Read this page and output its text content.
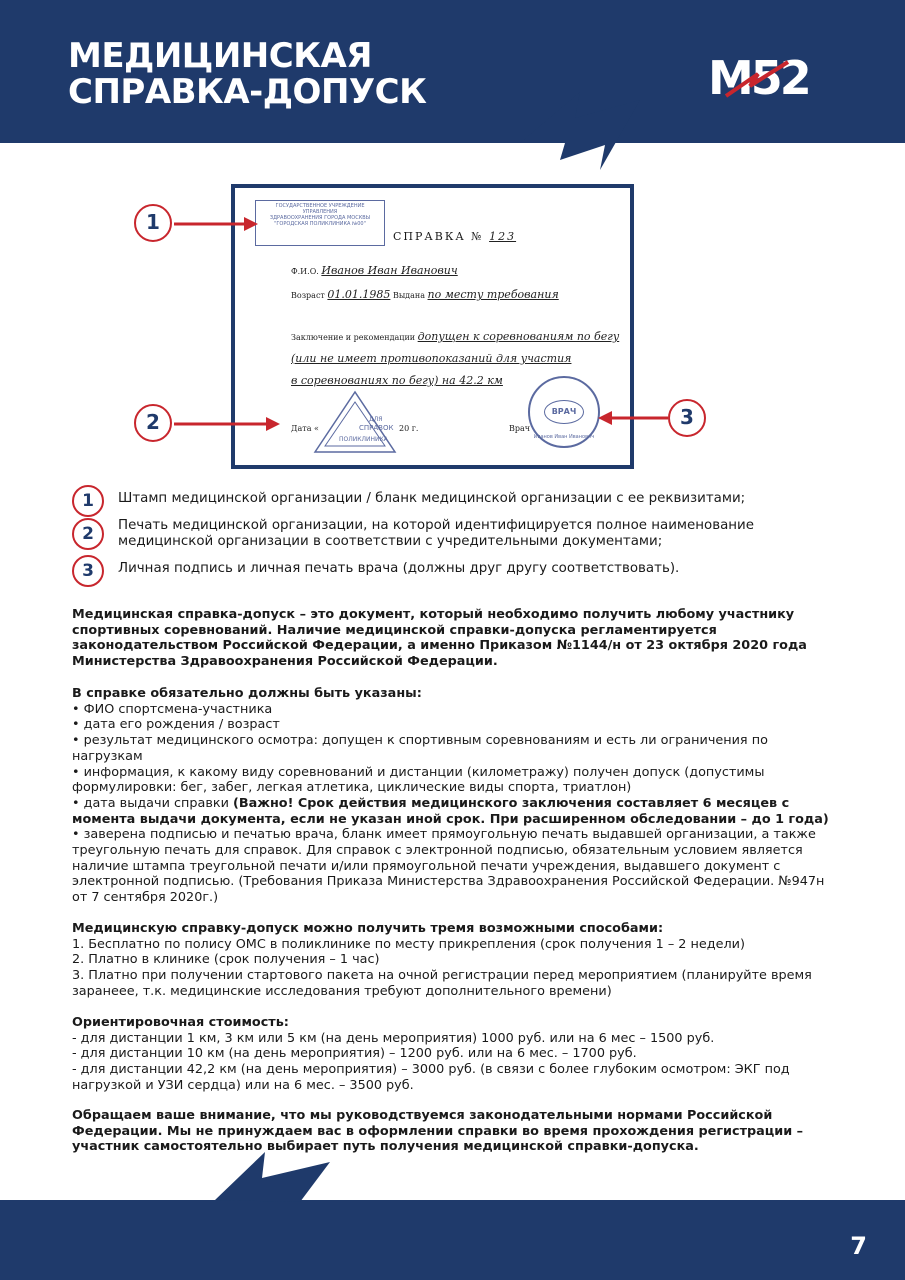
МЕДИЦИНСКАЯ
СПРАВКА-ДОПУСК	М52
ГОСУДАРСТВЕННОЕ УЧРЕЖДЕНИЕ УПРАВЛЕНИЯ
ЗДРАВООХРАНЕНИЯ ГОРОДА МОСКВЫ
"ГОРОДСКАЯ ПОЛИКЛИНИКА №00"
СПРАВКА № 123
Ф.И.О. Иванов Иван Иванович
Возраст 01.01.1985 Выдана по месту требования
Заключение и рекомендации допущен к соревнованиям по бегу
(или не имеет противопоказаний для участия
в соревнованиях по бегу) на 42.2 км
ДЛЯ
СПРАВОК
ПОЛИКЛИНИКА
Дата «	20 г.	Врач
ВРАЧ
Иванов Иван Иванович
1
2	3
1	Штамп медицинской организации / бланк медицинской организации с ее реквизитами;
2	Печать медицинской организации, на которой идентифицируется полное наименование медицинской организации в соответствии с учредительными документами;
3	Личная подпись и личная печать врача (должны друг другу соответствовать).
Медицинская справка-допуск – это документ, который необходимо получить любому участнику спортивных соревнований. Наличие медицинской справки-допуска регламентируется законодательством Российской Федерации, а именно Приказом №1144/н от 23 октября 2020 года Министерства Здравоохранения Российской Федерации.

В справке обязательно должны быть указаны:

• ФИО спортсмена-участника

• дата его рождения / возраст

• результат медицинского осмотра: допущен к спортивным соревнованиям и есть ли ограничения по нагрузкам

• информация, к какому виду соревнований и дистанции (километражу) получен допуск (допустимы формулировки: бег, забег, легкая атлетика, циклические виды спорта, триатлон)

• дата выдачи справки (Важно! Срок действия медицинского заключения составляет 6 месяцев с момента выдачи документа, если не указан иной срок. При расширенном обследовании – до 1 года)

• заверена подписью и печатью врача, бланк имеет прямоугольную печать выдавшей организации, а также треугольную печать для справок. Для справок с электронной подписью, обязательным условием является наличие штампа треугольной печати и/или прямоугольной печати учреждения, выдавшего документ с электронной подписью. (Требования Приказа Министерства Здравоохранения Российской Федерации. №947н от 7 сентября 2020г.)

Медицинскую справку-допуск можно получить тремя возможными способами:

1. Бесплатно по полису ОМС в поликлинике по месту прикрепления (срок получения 1 – 2 недели)

2. Платно в клинике (срок получения – 1 час)

3. Платно при получении стартового пакета на очной регистрации перед мероприятием (планируйте время заранееe, т.к. медицинские исследования требуют дополнительного времени)

Ориентировочная стоимость:

- для дистанции 1 км, 3 км или 5 км (на день мероприятия) 1000 руб. или на 6 мес – 1500 руб.

- для дистанции 10 км (на день мероприятия) – 1200 руб. или на 6 мес. – 1700 руб.

- для дистанции 42,2 км (на день мероприятия) – 3000 руб. (в связи с более глубоким осмотром: ЭКГ под нагрузкой и УЗИ сердца) или на 6 мес. – 3500 руб.

Обращаем ваше внимание, что мы руководствуемся законодательными нормами Российской Федерации. Мы не принуждаем вас в оформлении справки во время прохождения регистрации – участник самостоятельно выбирает путь получения медицинской справки-допуска.
7
